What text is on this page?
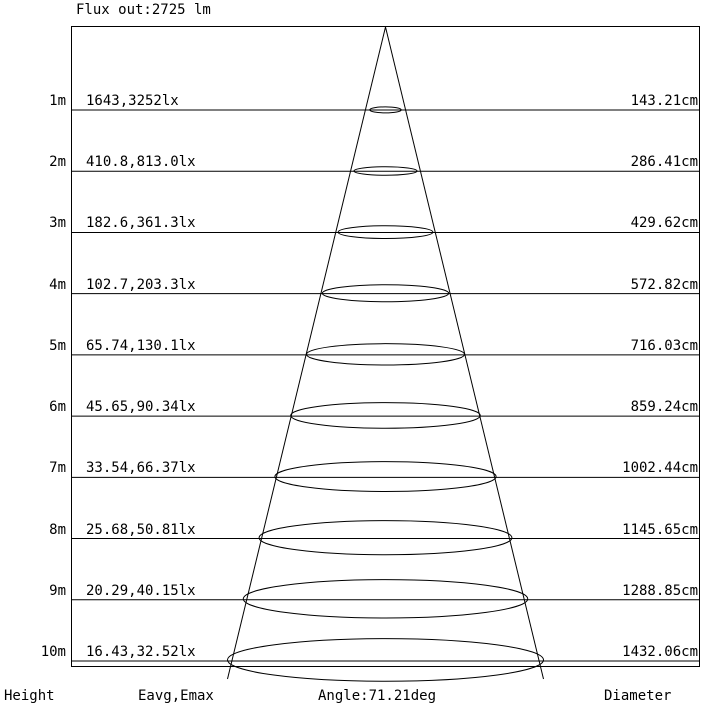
Flux out:2725 lm
1m 1643,3252lx	143.21cm
2m 410.8,813.0lx	286.41cm
3m 182.6,361.3lx	429.62cm
4m 102.7,203.3lx	572.82cm
5m 65.74,130.1lx	716.03cm
6m 45.65,90.34lx	859.24cm
7m 33.54,66.37lx	1002.44cm
8m 25.68,50.81lx	1145.65cm
9m 20.29,40.15lx	1288.85cm
10m 16.43,32.52lx	1432.06cm
Height	Eavg,Emax	Angle:71.21deg	Diameter
